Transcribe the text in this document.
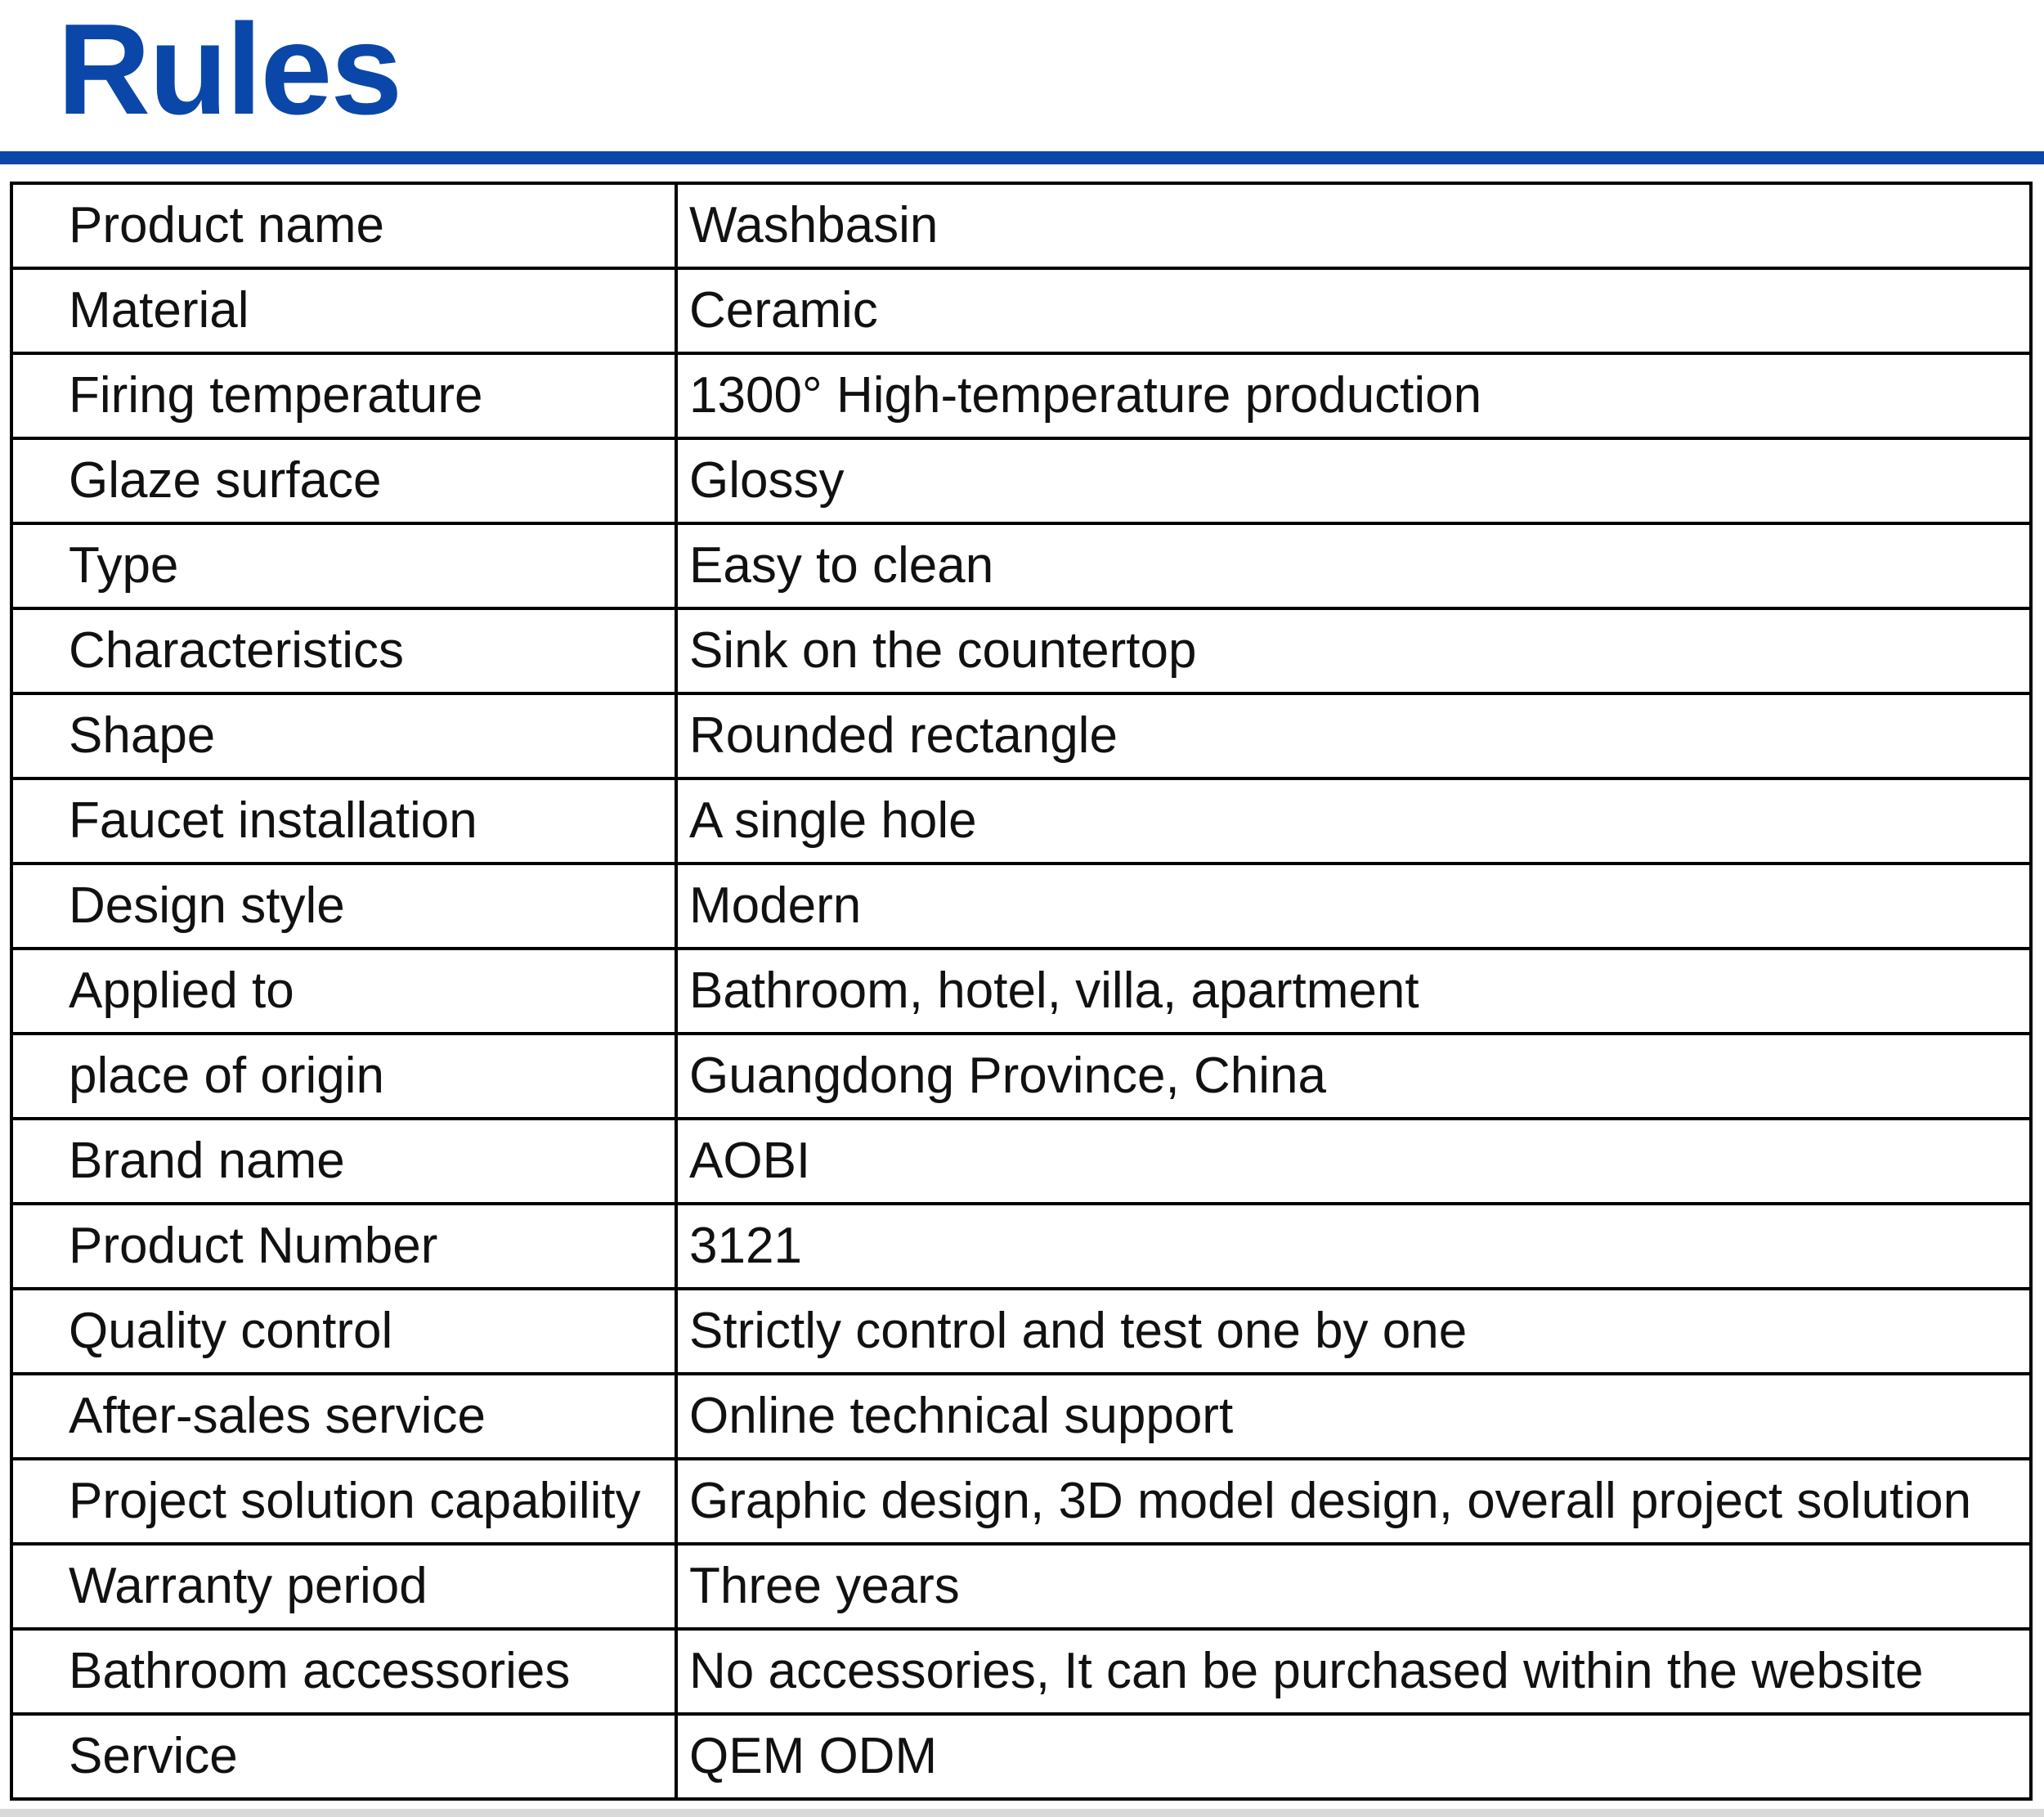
Rules
Product name	Washbasin
Material	Ceramic
Firing temperature	1300° High-temperature production
Glaze surface	Glossy
Type	Easy to clean
Characteristics	Sink on the countertop
Shape	Rounded rectangle
Faucet installation	A single hole
Design style	Modern
Applied to	Bathroom, hotel, villa, apartment
place of origin	Guangdong Province, China
Brand name	AOBI
Product Number	3121
Quality control	Strictly control and test one by one
After-sales service	Online technical support
Project solution capability	Graphic design, 3D model design, overall project solution
Warranty period	Three years
Bathroom accessories	No accessories, It can be purchased within the website
Service	QEM ODM
